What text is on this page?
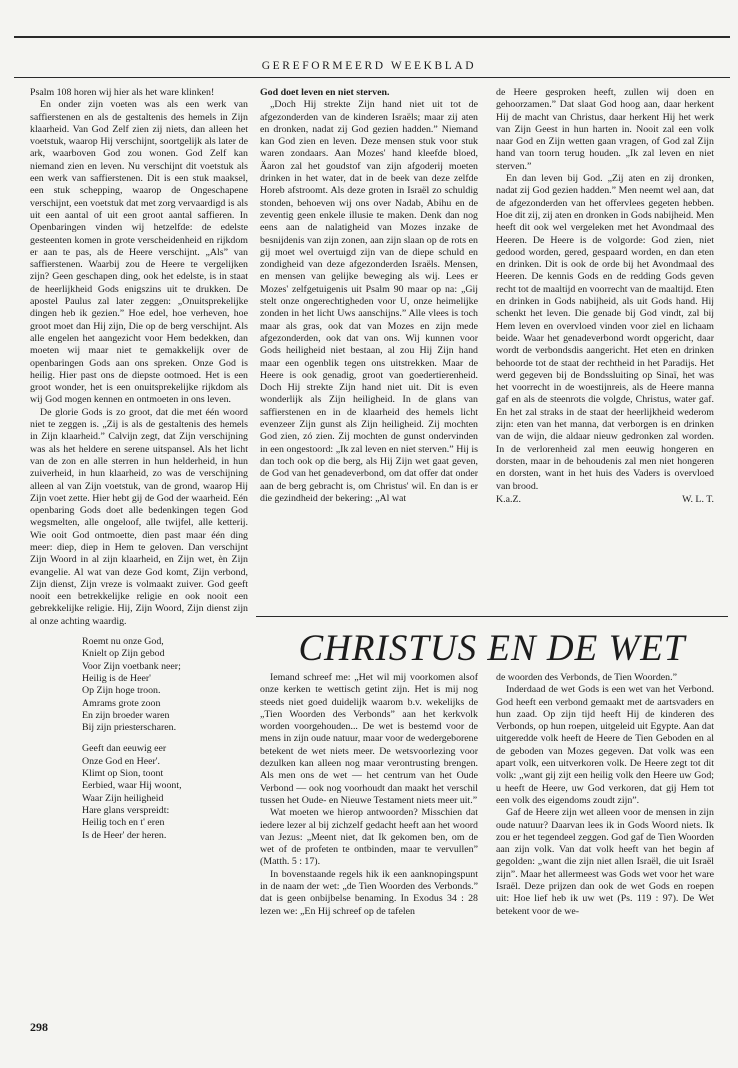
GEREFORMEERD WEEKBLAD

Psalm 108 horen wij hier als het ware klinken!

En onder zijn voeten was als een werk van saffierstenen en als de gestaltenis des hemels in Zijn klaarheid. Van God Zelf zien zij niets, dan alleen het voetstuk, waarop Hij verschijnt, soortgelijk als later de ark, waarboven God zou wonen. God Zelf kan niemand zien en leven. Nu verschijnt dit voetstuk als een werk van saffierstenen. Dit is een stuk maaksel, een stuk schepping, waarop de Ongeschapene verschijnt, een voetstuk dat met zorg vervaardigd is als uit een aantal of uit een groot aantal saffieren. In Openbaringen vinden wij hetzelfde: de edelste gesteenten komen in grote verscheidenheid en rijkdom er aan te pas, als de Heere verschijnt. „Als” van saffierstenen. Waarbij zou de Heere te vergelijken zijn? Geen geschapen ding, ook het edelste, is in staat de heerlijkheid Gods enigszins uit te drukken. De apostel Paulus zal later zeggen: „Onuitsprekelijke dingen heb ik gezien.” Hoe edel, hoe verheven, hoe groot moet dan Hij zijn, Die op de berg verschijnt. Als alle engelen het aangezicht voor Hem bedekken, dan moeten wij maar niet te gemakkelijk over de openbaringen Gods aan ons spreken. Onze God is heilig. Hier past ons de diepste ootmoed. Het is een groot wonder, het is een onuitsprekelijke rijkdom als wij God mogen kennen en ontmoeten in ons leven.

De glorie Gods is zo groot, dat die met één woord niet te zeggen is. „Zij is als de gestaltenis des hemels in Zijn klaarheid.” Calvijn zegt, dat Zijn verschijning was als het heldere en serene uitspansel. Als het licht van de zon en alle sterren in hun helderheid, in hun zuiverheid, in hun klaarheid, zo was de verschijning alleen al van Zijn voetstuk, van de grond, waarop Hij Zijn voet zette. Hier hebt gij de God der waarheid. Eén openbaring Gods doet alle bedenkingen tegen God wegsmelten, alle ongeloof, alle twijfel, alle ketterij. Wie ooit God ontmoette, dien past maar één ding meer: diep, diep in Hem te geloven. Dan verschijnt Zijn Woord in al zijn klaarheid, en Zijn wet, èn Zijn evangelie. Al wat van deze God komt, Zijn verbond, Zijn dienst, Zijn vreze is volmaakt zuiver. God geeft nooit een betrekkelijke religie en ook nooit een gebrekkelijke religie. Hij, Zijn Woord, Zijn dienst zijn al onze achting waardig.

Roemt nu onze God,
Knielt op Zijn gebod
Voor Zijn voetbank neer;
Heilig is de Heer'
Op Zijn hoge troon.
Amrams grote zoon
En zijn broeder waren
Bij zijn priesterscharen.
Geeft dan eeuwig eer
Onze God en Heer'.
Klimt op Sion, toont
Eerbied, waar Hij woont,
Waar Zijn heiligheid
Hare glans verspreidt:
Heilig toch en t' eren
Is de Heer' der heren.

God doet leven en niet sterven.

„Doch Hij strekte Zijn hand niet uit tot de afgezonderden van de kinderen Israëls; maar zij aten en dronken, nadat zij God gezien hadden.” Niemand kan God zien en leven. Deze mensen stuk voor stuk waren zondaars. Aan Mozes' hand kleefde bloed, Äaron zal het goudstof van zijn afgoderij moeten drinken in het water, dat in de beek van deze zelfde Horeb afstroomt. Als deze groten in Israël zo schuldig stonden, behoeven wij ons over Nadab, Abihu en de zeventig geen enkele illusie te maken. Denk dan nog eens aan de nalatigheid van Mozes inzake de besnijdenis van zijn zonen, aan zijn slaan op de rots en gij moet wel overtuigd zijn van de diepe schuld en zondigheid van deze afgezonderden Israëls. Mensen, en mensen van gelijke beweging als wij. Lees er Mozes' zelfgetuigenis uit Psalm 90 maar op na: „Gij stelt onze ongerechtigheden voor U, onze heimelijke zonden in het licht Uws aanschijns.” Alle vlees is toch maar als gras, ook dat van Mozes en zijn mede afgezonderden, ook dat van ons. Wij kunnen voor Gods heiligheid niet bestaan, al zou Hij Zijn hand maar een ogenblik tegen ons uitstrekken. Maar de Heere is ook genadig, groot van goedertierenheid. Doch Hij strekte Zijn hand niet uit. Dit is even wonderlijk als Zijn heiligheid. In de glans van saffierstenen en in de klaarheid des hemels licht evenzeer Zijn gunst als Zijn heiligheid. Zij mochten God zien, zó zien. Zij mochten de gunst ondervinden in een ongestoord: „Ik zal leven en niet sterven.” Hij is dan toch ook op die berg, als Hij Zijn wet gaat geven, de God van het genadeverbond, om dat offer dat onder aan de berg gebracht is, om Christus' wil. En dan is er die gezindheid der bekering: „Al wat

de Heere gesproken heeft, zullen wij doen en gehoorzamen.” Dat slaat God hoog aan, daar herkent Hij de macht van Christus, daar herkent Hij het werk van Zijn Geest in hun harten in. Nooit zal een volk naar God en Zijn wetten gaan vragen, of God zal Zijn hand van toorn terug houden. „Ik zal leven en niet sterven.”

En dan leven bij God. „Zij aten en zij dronken, nadat zij God gezien hadden.” Men neemt wel aan, dat de afgezonderden van het offervlees gegeten hebben. Hoe dit zij, zij aten en dronken in Gods nabijheid. Men heeft dit ook wel vergeleken met het Avondmaal des Heeren. De Heere is de volgorde: God zien, niet gedood worden, gered, gespaard worden, en dan eten en drinken. Dit is ook de orde bij het Avondmaal des Heeren. De kennis Gods en de redding Gods geven recht tot de maaltijd en voorrecht van de maaltijd. Eten en drinken in Gods nabijheid, als uit Gods hand. Hij schenkt het leven. Die genade bij God vindt, zal bij Hem leven en overvloed vinden voor ziel en lichaam beide. Waar het genadeverbond wordt opgericht, daar wordt de verbondsdis aangericht. Het eten en drinken behoorde tot de staat der rechtheid in het Paradijs. Het werd gegeven bij de Bondssluiting op Sinaï, het was het voorrecht in de woestijnreis, als de Heere manna gaf en als de steenrots die volgde, Christus, water gaf. En het zal straks in de staat der heerlijkheid wederom zijn: eten van het manna, dat verborgen is en drinken van de wijn, die aldaar nieuw gedronken zal worden. In de verlorenheid zal men eeuwig hongeren en dorsten, maar in de behoudenis zal men niet hongeren en dorsten, want in het huis des Vaders is overvloed van brood.

K.a.Z.	W. L. T.
CHRISTUS EN DE WET

Iemand schreef me: „Het wil mij voorkomen alsof onze kerken te wettisch getint zijn. Het is mij nog steeds niet goed duidelijk waarom b.v. wekelijks de „Tien Woorden des Verbonds” aan het kerkvolk worden voorgehouden... De wet is bestemd voor de mens in zijn oude natuur, maar voor de wedergeborene betekent de wet niets meer. De wetsvoorlezing voor dezulken kan alleen nog maar verontrusting brengen. Als men ons de wet — het centrum van het Oude Verbond — ook nog voorhoudt dan maakt het verschil tussen het Oude- en Nieuwe Testament niets meer uit.”

Wat moeten we hierop antwoorden? Misschien dat iedere lezer al bij zichzelf gedacht heeft aan het woord van Jezus: „Meent niet, dat Ik gekomen ben, om de wet of de profeten te ontbinden, maar te vervullen” (Matth. 5 : 17).

In bovenstaande regels hik ik een aanknopingspunt in de naam der wet: „de Tien Woorden des Verbonds.” dat is geen onbijbelse benaming. In Exodus 34 : 28 lezen we: „En Hij schreef op de tafelen

de woorden des Verbonds, de Tien Woorden.”

Inderdaad de wet Gods is een wet van het Verbond. God heeft een verbond gemaakt met de aartsvaders en hun zaad. Op zijn tijd heeft Hij de kinderen des Verbonds, op hun roepen, uitgeleid uit Egypte. Aan dat uitgeredde volk heeft de Heere de Tien Geboden en al de geboden van Mozes gegeven. Dat volk was een apart volk, een uitverkoren volk. De Heere zegt tot dit volk: „want gij zijt een heilig volk den Heere uw God; u heeft de Heere, uw God verkoren, dat gij Hem tot een volk des eigendoms zoudt zijn”.

Gaf de Heere zijn wet alleen voor de mensen in zijn oude natuur? Daarvan lees ik in Gods Woord niets. Ik zou er het tegendeel zeggen. God gaf de Tien Woorden aan zijn volk. Van dat volk heeft van het begin af gegolden: „want die zijn niet allen Israël, die uit Israël zijn”. Maar het allermeest was Gods wet voor het ware Israël. Deze prijzen dan ook de wet Gods en roepen uit: Hoe lief heb ik uw wet (Ps. 119 : 97). De Wet betekent voor de we-

298
